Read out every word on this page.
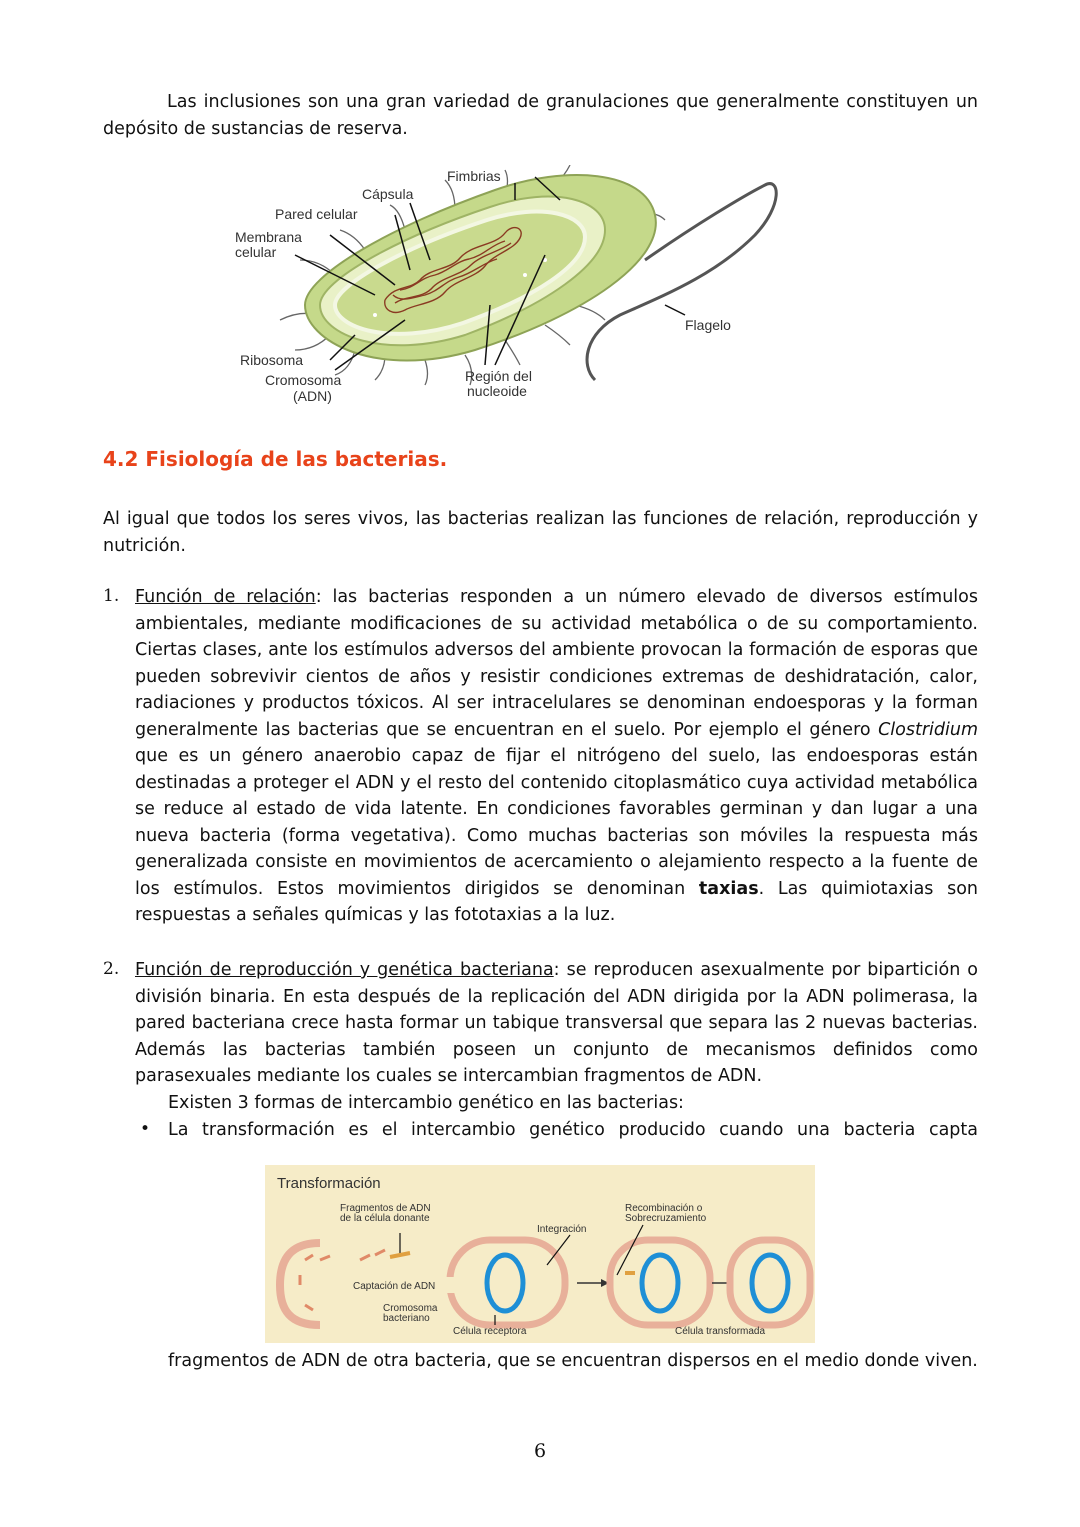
Las inclusiones son una gran variedad de granulaciones que generalmente constituyen un depósito de sustancias de reserva.

Fimbrias
Cápsula
Pared celular
Membrana
celular
Flagelo
Ribosoma
Cromosoma
(ADN)
Región del
nucleoide
4.2 Fisiología de las bacterias.

Al igual que todos los seres vivos, las bacterias realizan las funciones de relación, reproducción y nutrición.

1. Función de relación: las bacterias responden a un número elevado de diversos estímulos ambientales, mediante modificaciones de su actividad metabólica o de su comportamiento. Ciertas clases, ante los estímulos adversos del ambiente provocan la formación de esporas que pueden sobrevivir cientos de años y resistir condiciones extremas de deshidratación, calor, radiaciones y productos tóxicos. Al ser intracelulares se denominan endoesporas y la forman generalmente las bacterias que se encuentran en el suelo. Por ejemplo el género Clostridium que es un género anaerobio capaz de fijar el nitrógeno del suelo, las endoesporas están destinadas a proteger el ADN y el resto del contenido citoplasmático cuya actividad metabólica se reduce al estado de vida latente. En condiciones favorables germinan y dan lugar a una nueva bacteria (forma vegetativa). Como muchas bacterias son móviles la respuesta más generalizada consiste en movimientos de acercamiento o alejamiento respecto a la fuente de los estímulos. Estos movimientos dirigidos se denominan taxias. Las quimiotaxias son respuestas a señales químicas y las fototaxias a la luz.

2. Función de reproducción y genética bacteriana: se reproducen asexualmente por bipartición o división binaria. En esta después de la replicación del ADN dirigida por la ADN polimerasa, la pared bacteriana crece hasta formar un tabique transversal que separa las 2 nuevas bacterias. Además las bacterias también poseen un conjunto de mecanismos definidos como parasexuales mediante los cuales se intercambian fragmentos de ADN.

Existen 3 formas de intercambio genético en las bacterias:

• La transformación es el intercambio genético producido cuando una bacteria capta

Transformación
Fragmentos de ADN
de la célula donante
Integración
Recombinación o
Sobrecruzamiento
Captación de ADN
Cromosoma
bacteriano
Célula receptora	Célula transformada

fragmentos de ADN de otra bacteria, que se encuentran dispersos en el medio donde viven.

6
